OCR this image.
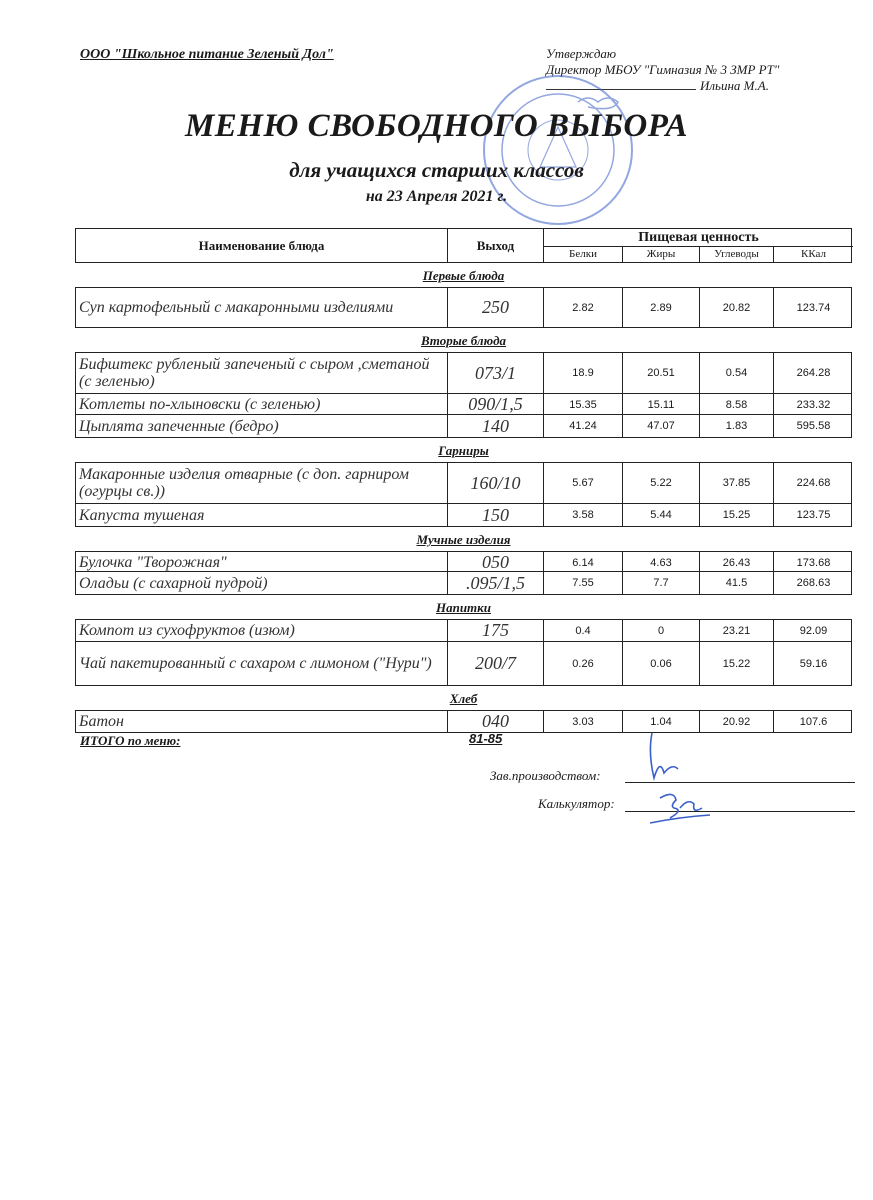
ООО "Школьное питание Зеленый Дол"	Утверждаю
Директор МБОУ "Гимназия № 3 ЗМР РТ"
Ильина М.А.
МЕНЮ СВОБОДНОГО ВЫБОРА
для учащихся старших классов
на 23 Апреля 2021 г.
Наименование блюда	Выход
Пищевая ценность
Белки	Жиры	Углеводы	ККал
Первые блюда
Суп картофельный с макаронными изделиями	250	2.82	2.89	20.82	123.74
Вторые блюда
Бифштекс рубленый запеченый с сыром ,сметаной (с зеленью)	073/1	18.9	20.51	0.54	264.28
Котлеты по-хлыновски (с зеленью)	090/1,5	15.35	15.11	8.58	233.32
Цыплята запеченные (бедро)	140	41.24	47.07	1.83	595.58
Гарниры
Макаронные изделия отварные (с доп. гарниром (огурцы св.))	160/10	5.67	5.22	37.85	224.68
Капуста тушеная	150	3.58	5.44	15.25	123.75
Мучные изделия
Булочка "Творожная"	050	6.14	4.63	26.43	173.68
Оладьи (с сахарной пудрой)	.095/1,5	7.55	7.7	41.5	268.63
Напитки
Компот из сухофруктов (изюм)	175	0.4	0	23.21	92.09
Чай пакетированный с сахаром с лимоном ("Нури")	200/7	0.26	0.06	15.22	59.16
Хлеб
Батон	040	3.03	1.04	20.92	107.6
ИТОГО по меню:	81-85
Зав.производством:
Калькулятор:
